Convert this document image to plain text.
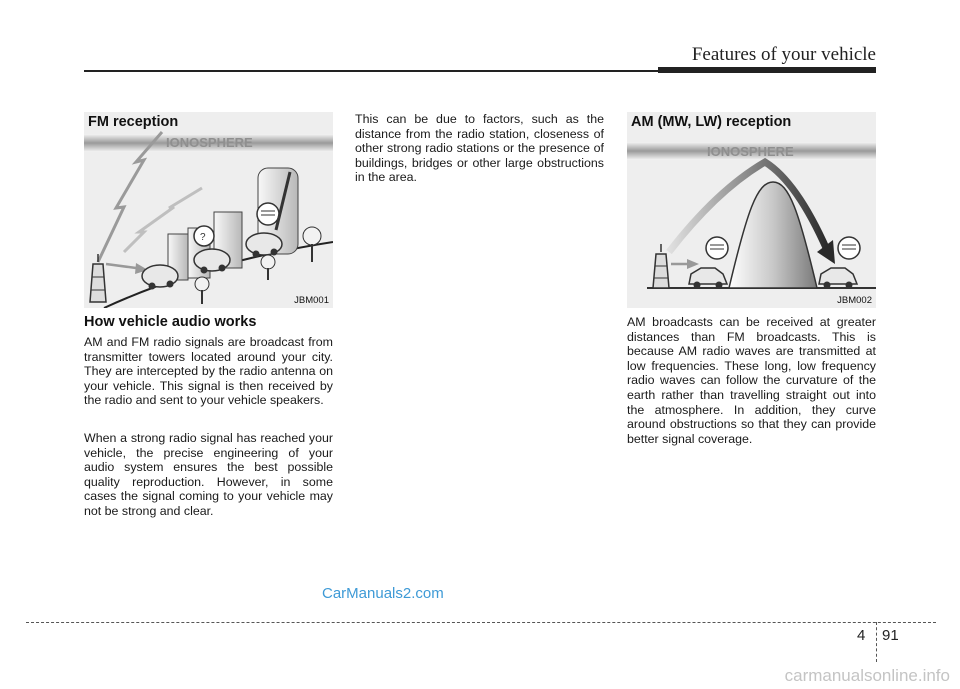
Features of your vehicle
IONOSPHERE
?
FM reception
JBM001
IONOSPHERE
AM (MW, LW) reception
JBM002
How vehicle audio works

AM and FM radio signals are broadcast from transmitter towers located around your city. They are intercepted by the radio antenna on your vehicle. This signal is then received by the radio and sent to your vehicle speakers.

When a strong radio signal has reached your vehicle, the precise engineering of your audio system ensures the best possible quality reproduction. However, in some cases the signal coming to your vehicle may not be strong and clear.

This can be due to factors, such as the distance from the radio station, closeness of other strong radio stations or the presence of buildings, bridges or other large obstructions in the area.

AM broadcasts can be received at greater distances than FM broadcasts. This is because AM radio waves are transmitted at low frequencies. These long, low frequency radio waves can follow the curvature of the earth rather than travelling straight out into the atmosphere. In addition, they curve around obstructions so that they can provide better signal coverage.

CarManuals2.com
4 91
carmanualsonline.info
